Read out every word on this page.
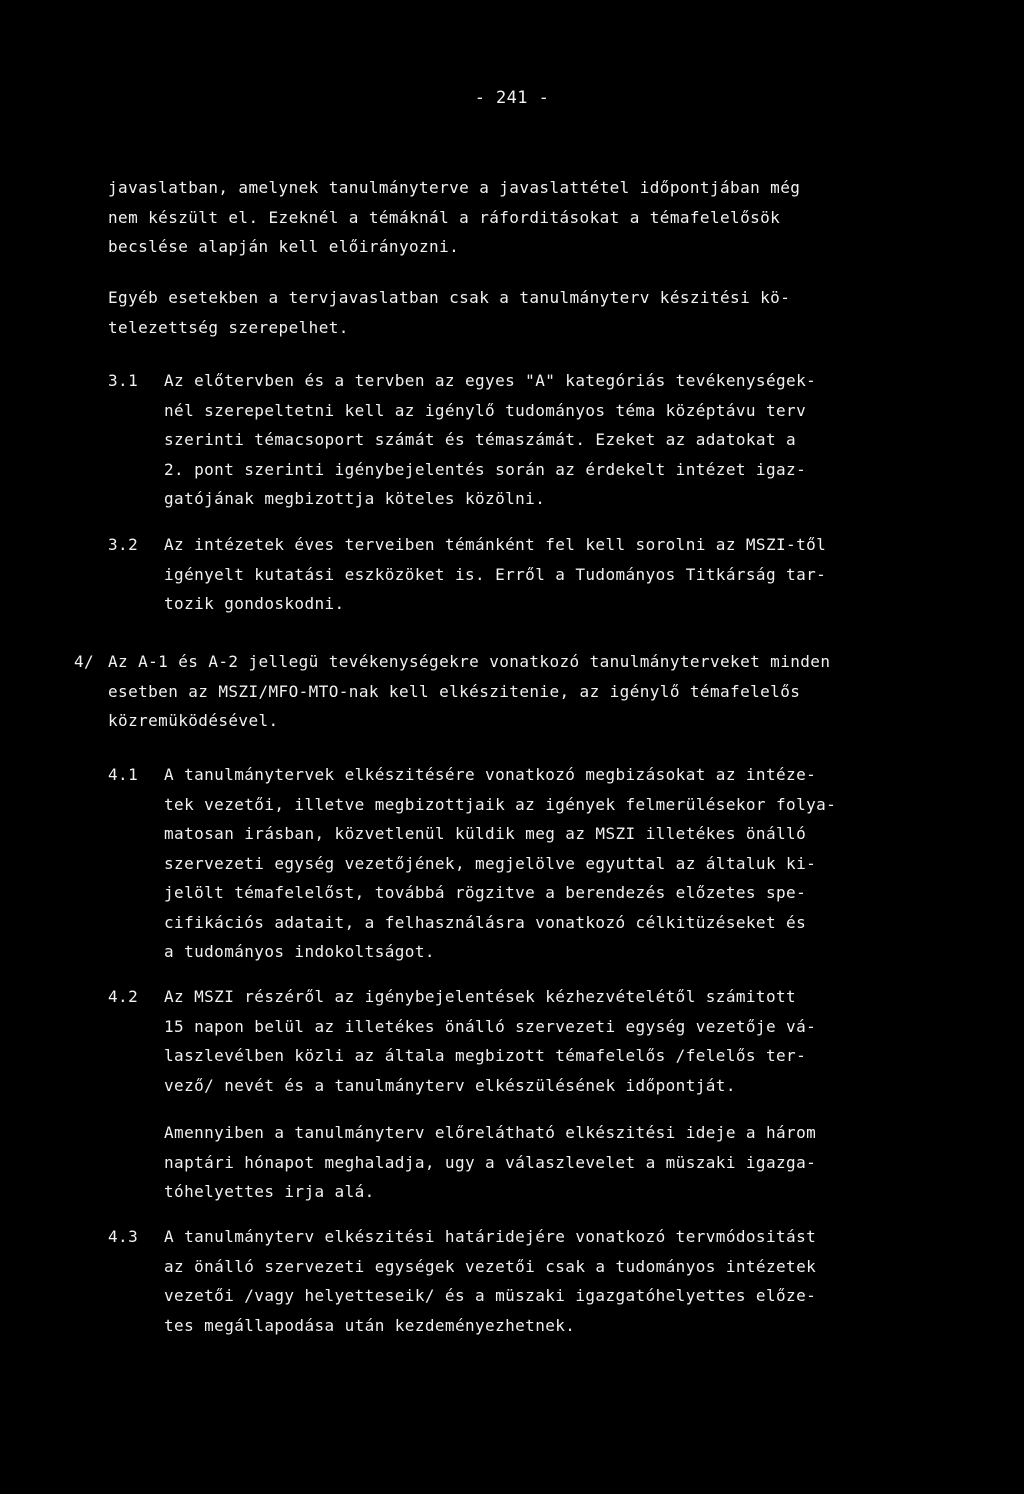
- 241 -
javaslatban, amelynek tanulmányterve a javaslattétel időpontjában még
nem készült el. Ezeknél a témáknál a ráforditásokat a témafelelősök
becslése alapján kell előirányozni.
Egyéb esetekben a tervjavaslatban csak a tanulmányterv készitési kö-
telezettség szerepelhet.
3.1 Az előtervben és a tervben az egyes "A" kategóriás tevékenységek-
nél szerepeltetni kell az igénylő tudományos téma középtávu terv
szerinti témacsoport számát és témaszámát. Ezeket az adatokat a
2. pont szerinti igénybejelentés során az érdekelt intézet igaz-
gatójának megbizottja köteles közölni.
3.2 Az intézetek éves terveiben témánként fel kell sorolni az MSZI-től
igényelt kutatási eszközöket is. Erről a Tudományos Titkárság tar-
tozik gondoskodni.
4/ Az A-1 és A-2 jellegü tevékenységekre vonatkozó tanulmányterveket minden
esetben az MSZI/MFO-MTO-nak kell elkészitenie, az igénylő témafelelős
közremüködésével.
4.1 A tanulmánytervek elkészitésére vonatkozó megbizásokat az intéze-
tek vezetői, illetve megbizottjaik az igények felmerülésekor folya-
matosan irásban, közvetlenül küldik meg az MSZI illetékes önálló
szervezeti egység vezetőjének, megjelölve egyuttal az általuk ki-
jelölt témafelelőst, továbbá rögzitve a berendezés előzetes spe-
cifikációs adatait, a felhasználásra vonatkozó célkitüzéseket és
a tudományos indokoltságot.
4.2 Az MSZI részéről az igénybejelentések kézhezvételétől számitott
15 napon belül az illetékes önálló szervezeti egység vezetője vá-
laszlevélben közli az általa megbizott témafelelős /felelős ter-
vező/ nevét és a tanulmányterv elkészülésének időpontját.
Amennyiben a tanulmányterv előrelátható elkészitési ideje a három
naptári hónapot meghaladja, ugy a válaszlevelet a müszaki igazga-
tóhelyettes irja alá.
4.3 A tanulmányterv elkészitési határidejére vonatkozó tervmódositást
az önálló szervezeti egységek vezetői csak a tudományos intézetek
vezetői /vagy helyetteseik/ és a müszaki igazgatóhelyettes előze-
tes megállapodása után kezdeményezhetnek.
